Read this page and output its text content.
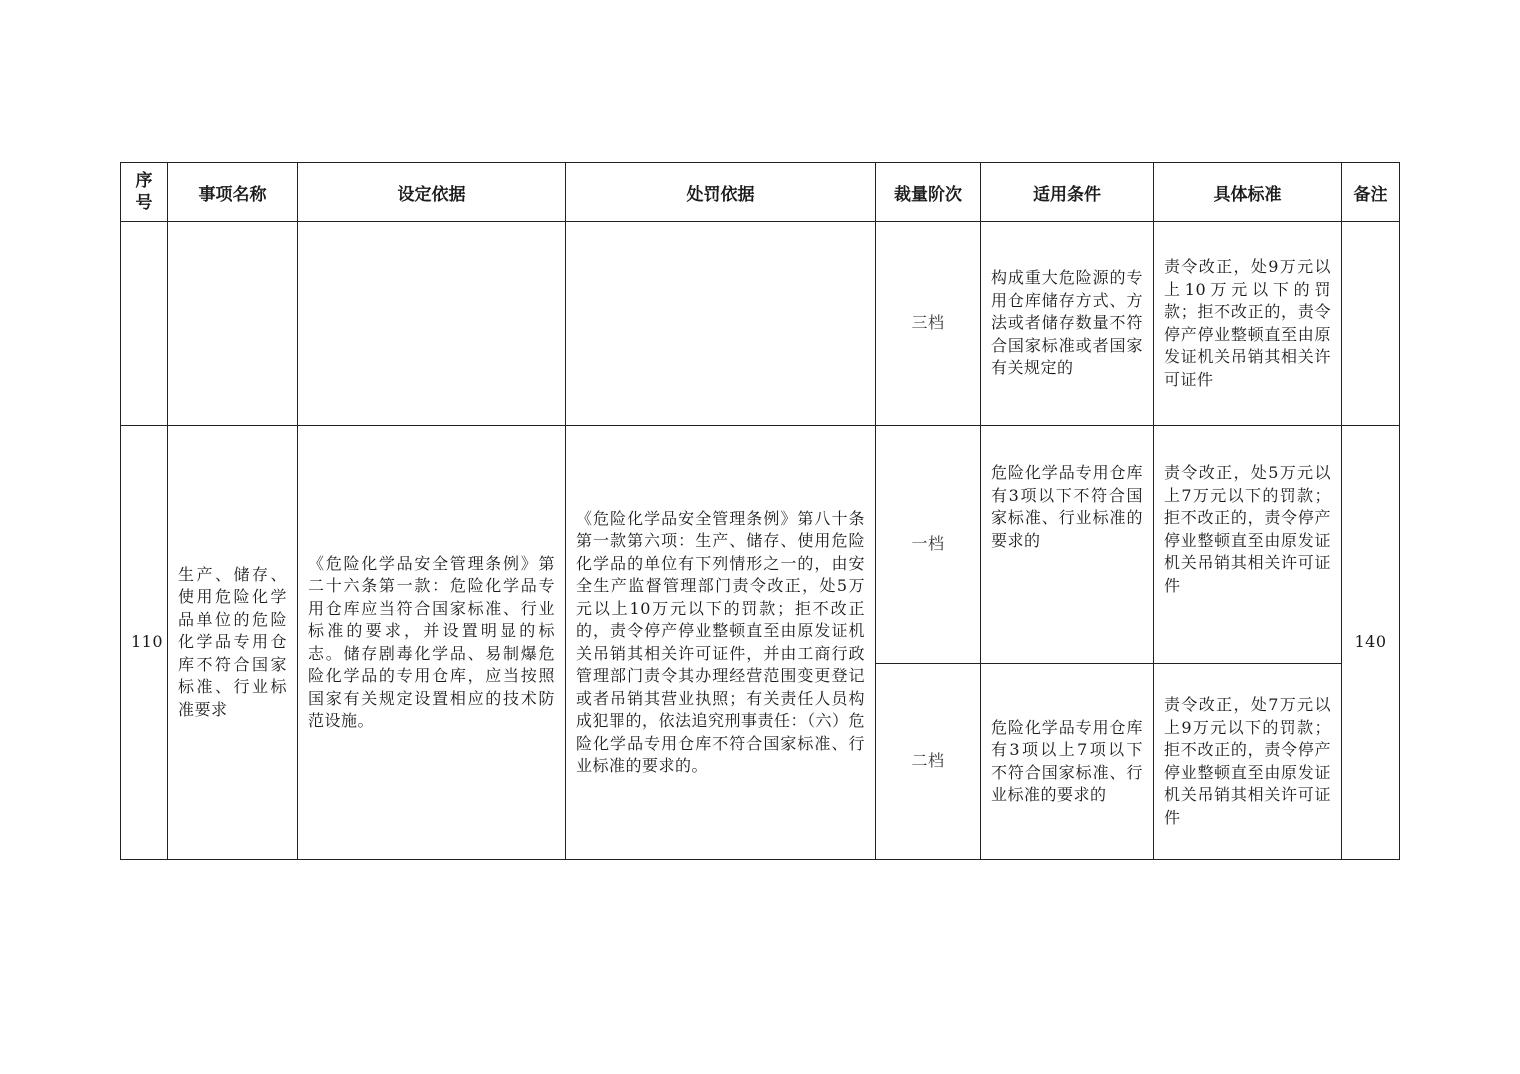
序号	事项名称	设定依据	处罚依据	裁量阶次	适用条件	具体标准	备注
				三档	构成重大危险源的专用仓库储存方式、方法或者储存数量不符合国家标准或者国家有关规定的	责令改正，处9万元以上10万元以下的罚款；拒不改正的，责令停产停业整顿直至由原发证机关吊销其相关许可证件	
110	生产、储存、使用危险化学品单位的危险化学品专用仓库不符合国家标准、行业标准要求	《危险化学品安全管理条例》第二十六条第一款：危险化学品专用仓库应当符合国家标准、行业标准的要求，并设置明显的标志。储存剧毒化学品、易制爆危险化学品的专用仓库，应当按照国家有关规定设置相应的技术防范设施。	《危险化学品安全管理条例》第八十条第一款第六项：生产、储存、使用危险化学品的单位有下列情形之一的，由安全生产监督管理部门责令改正，处5万元以上10万元以下的罚款；拒不改正的，责令停产停业整顿直至由原发证机关吊销其相关许可证件，并由工商行政管理部门责令其办理经营范围变更登记或者吊销其营业执照；有关责任人员构成犯罪的，依法追究刑事责任：（六）危险化学品专用仓库不符合国家标准、行业标准的要求的。	一档	危险化学品专用仓库有3项以下不符合国家标准、行业标准的要求的	责令改正，处5万元以上7万元以下的罚款；拒不改正的，责令停产停业整顿直至由原发证机关吊销其相关许可证件	140
				二档	危险化学品专用仓库有3项以上7项以下不符合国家标准、行业标准的要求的	责令改正，处7万元以上9万元以下的罚款；拒不改正的，责令停产停业整顿直至由原发证机关吊销其相关许可证件	
